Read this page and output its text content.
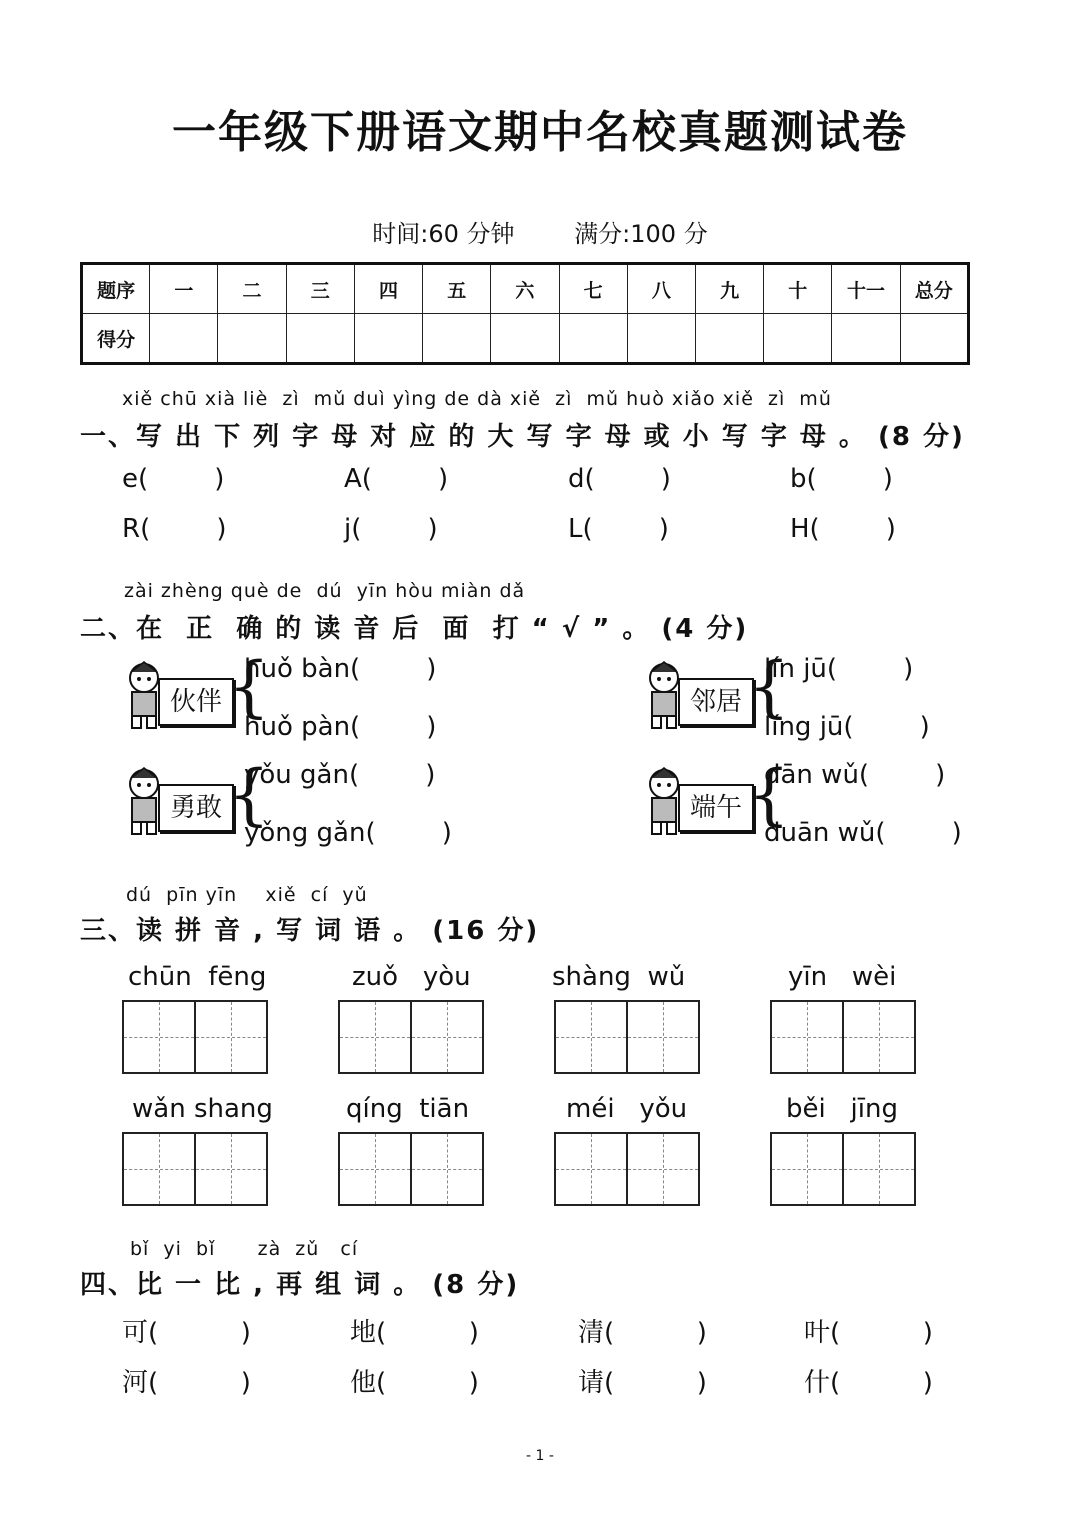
一年级下册语文期中名校真题测试卷
时间:60 分钟 满分:100 分
题序	一	二	三	四	五	六	七	八	九	十	十一	总分
得分												
xiě chū xià liè  zì  mǔ duì yìng de dà xiě  zì  mǔ huò xiǎo xiě  zì  mǔ
一、写 出 下 列 字 母 对 应 的 大 写 字 母 或 小 写 字 母 。 (8 分)
e(        )	A(        )	d(        )	b(        )
R(        )	j(        )	L(        )	H(        )
zài zhèng què de  dú  yīn hòu miàn dǎ
二、在  正  确 的 读 音 后  面  打 “ √ ” 。 (4 分)
伙伴 {
huǒ bàn(        )
huǒ pàn(        )
邻居 {
lín jū(        )
líng jū(        )
勇敢 {
yǒu gǎn(        )
yǒng gǎn(        )
端午 {
dān wǔ(        )
duān wǔ(        )
dú  pīn yīn    xiě  cí  yǔ
三、读 拼 音 , 写 词 语 。 (16 分)
chūn  fēng	zuǒ   yòu	shàng  wǔ	yīn   wèi
wǎn shang	qíng  tiān	méi   yǒu	běi   jīng
bǐ  yi  bǐ      zà  zǔ   cí
四、比 一 比 , 再 组 词 。 (8 分)
可(          )	地(          )	清(          )	叶(          )
河(          )	他(          )	请(          )	什(          )
- 1 -
